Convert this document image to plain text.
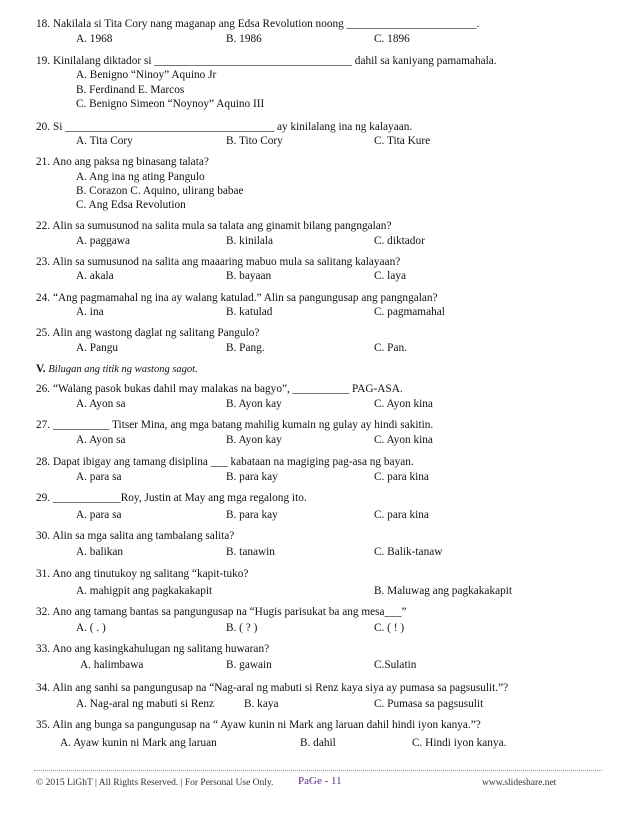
18. Nakilala si Tita Cory nang maganap ang Edsa Revolution noong _______________________.
A. 1968	B. 1986	C. 1896
19. Kinilalang diktador si ___________________________________ dahil sa kaniyang pamamahala.
A. Benigno “Ninoy” Aquino Jr
B. Ferdinand E. Marcos
C. Benigno Simeon “Noynoy” Aquino III
20. Si _____________________________________ ay kinilalang ina ng kalayaan.
A. Tita Cory	B. Tito Cory	C. Tita Kure
21. Ano ang paksa ng binasang talata?
A. Ang ina ng ating Pangulo
B. Corazon C. Aquino, ulirang babae
C. Ang Edsa Revolution
22. Alin sa sumusunod na salita mula sa talata ang ginamit bilang pangngalan?
A. paggawa	B. kinilala	C. diktador
23. Alin sa sumusunod na salita ang maaaring mabuo mula sa salitang kalayaan?
A. akala	B. bayaan	C. laya
24. “Ang pagmamahal ng ina ay walang katulad.” Alin sa pangungusap ang pangngalan?
A. ina	B. katulad	C. pagmamahal
25. Alin ang wastong daglat ng salitang Pangulo?
A. Pangu	B. Pang.	C. Pan.
V. Bilugan ang titik ng wastong sagot.
26. “Walang pasok bukas dahil may malakas na bagyo”, __________ PAG-ASA.
A. Ayon sa	B. Ayon kay	C. Ayon kina
27. __________ Titser Mina, ang mga batang mahilig kumain ng gulay ay hindi sakitin.
A. Ayon sa	B. Ayon kay	C. Ayon kina
28. Dapat ibigay ang tamang disiplina ___ kabataan na magiging pag-asa ng bayan.
A. para sa	B. para kay	C. para kina
29. ____________Roy, Justin at May ang mga regalong ito.
A. para sa	B. para kay	C. para kina
30. Alin sa mga salita ang tambalang salita?
A. balikan	B. tanawin	C. Balik-tanaw
31. Ano ang tinutukoy ng salitang “kapit-tuko?
A. mahigpit ang pagkakakapit	B. Maluwag ang pagkakakapit
32. Ano ang tamang bantas sa pangungusap na “Hugis parisukat ba ang mesa___”
A. ( . )	B. ( ? )	C. ( ! )
33. Ano ang kasingkahulugan ng salitang huwaran?
A. halimbawa	B. gawain	C.Sulatin
34. Alin ang sanhi sa pangungusap na “Nag-aral ng mabuti si Renz kaya siya ay pumasa sa pagsusulit.”?
A. Nag-aral ng mabuti si Renz	B. kaya	C. Pumasa sa pagsusulit
35. Alin ang bunga sa pangungusap na “ Ayaw kunin ni Mark ang laruan dahil hindi iyon kanya.”?
A. Ayaw kunin ni Mark ang laruan	B. dahil	C. Hindi iyon kanya.
© 2015 LiGhT | All Rights Reserved. | For Personal Use Only. PaGe - 11	www.slideshare.net
